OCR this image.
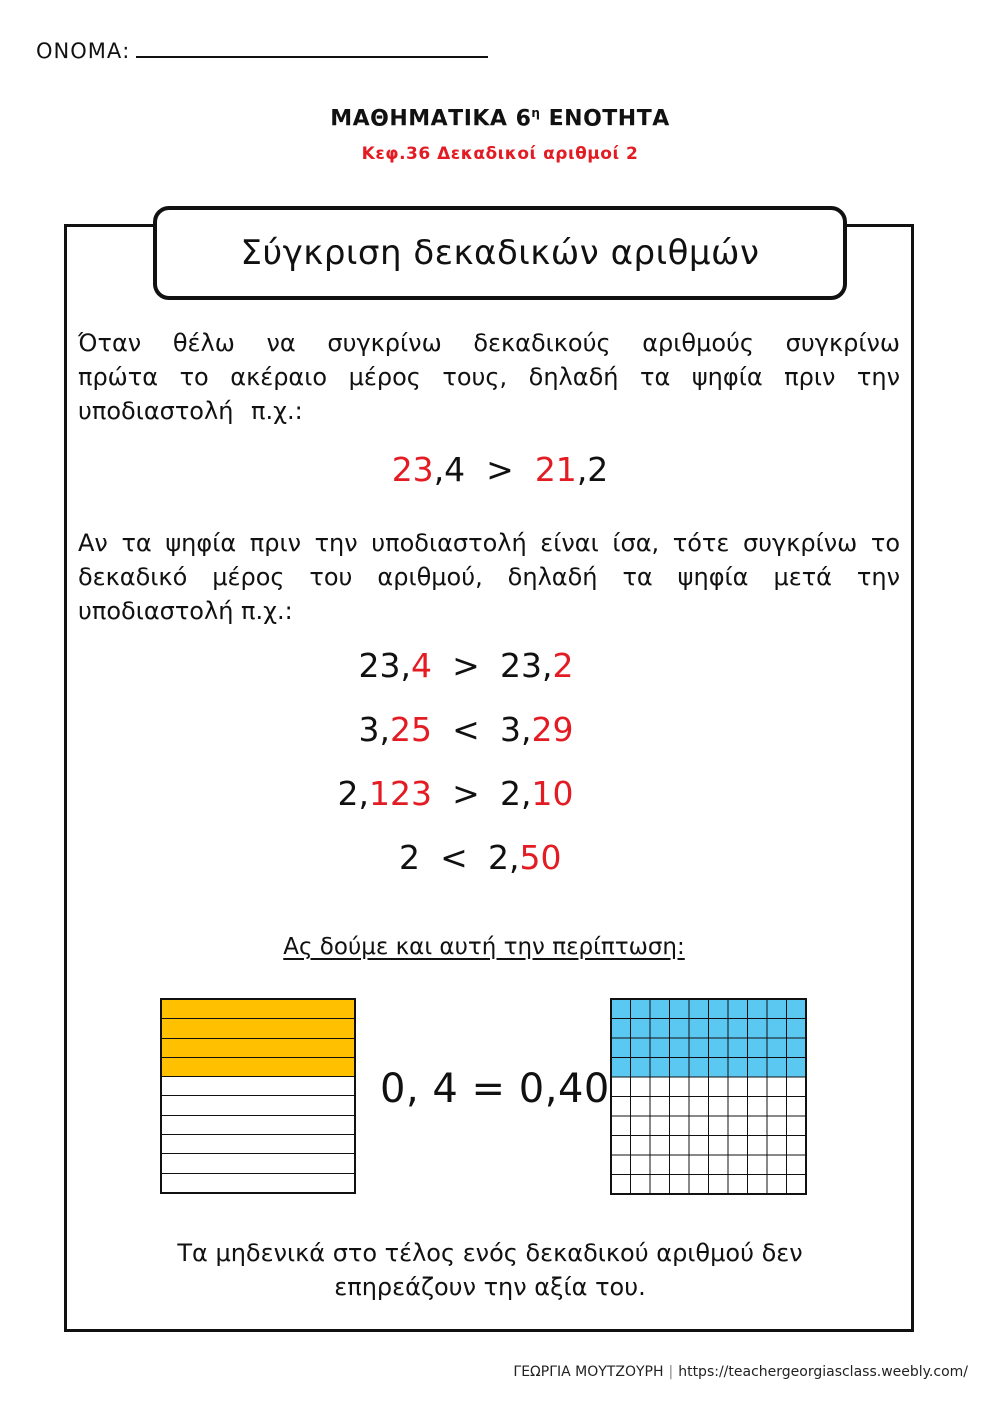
ΟΝΟΜΑ:
ΜΑΘΗΜΑΤΙΚΑ $6^\eta$ ΕΝΟΤΗΤΑ
Κεφ.36 Δεκαδικοί αριθμοί 2
Σύγκριση δεκαδικών αριθμών
Όταν θέλω να συγκρίνω δεκαδικούς αριθμούς συγκρίνω πρώτα το ακέραιο μέρος τους, δηλαδή τα ψηφία πριν την υποδιαστολή π.χ.:
23,4 > 21,2
Αν τα ψηφία πριν την υποδιαστολή είναι ίσα, τότε συγκρίνω το δεκαδικό μέρος του αριθμού, δηλαδή τα ψηφία μετά την υποδιαστολή π.χ.:
23,4 > 23,2
3,25 < 3,29
2,123 > 2,10
2 < 2,50
Ας δούμε και αυτή την περίπτωση:
0, 4 = 0,40
Τα μηδενικά στο τέλος ενός δεκαδικού αριθμού δεν
επηρεάζουν την αξία του.
ΓΕΩΡΓΙΑ ΜΟΥΤΖΟΥΡΗ | https://teachergeorgiasclass.weebly.com/
